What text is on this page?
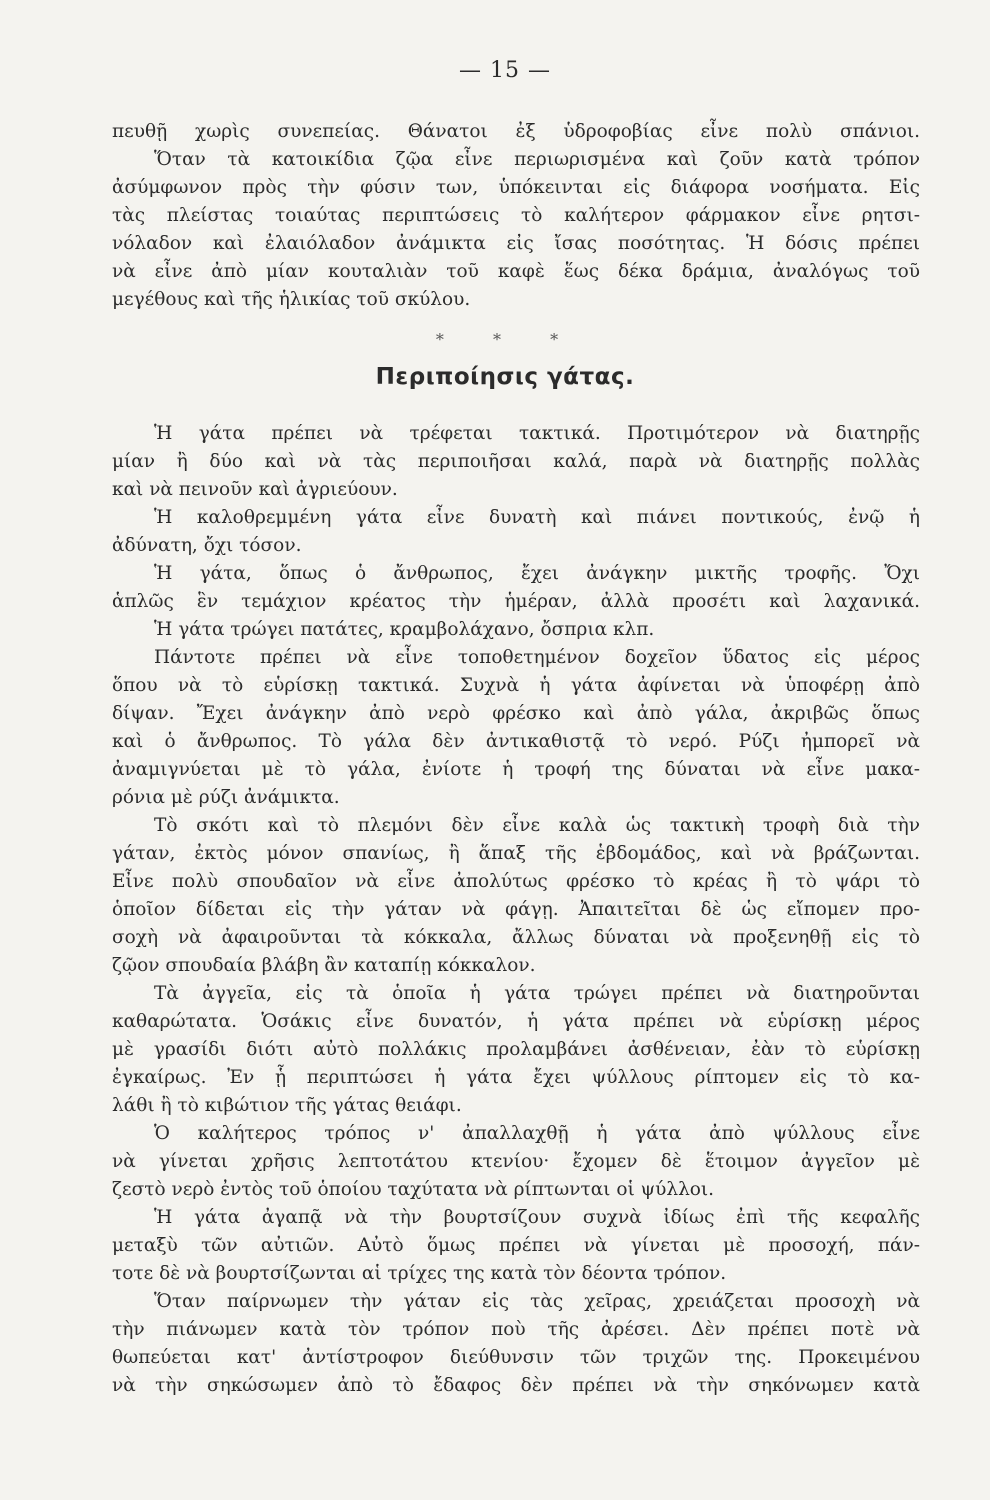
— 15 —
πευθῇ χωρὶς συνεπείας. Θάνατοι ἐξ ὑδροφοβίας εἶνε πολὺ σπάνιοι.
Ὅταν τὰ κατοικίδια ζῷα εἶνε περιωρισμένα καὶ ζοῦν κατὰ τρόπον
ἀσύμφωνον πρὸς τὴν φύσιν των, ὑπόκεινται εἰς διάφορα νοσήματα. Εἰς
τὰς πλείστας τοιαύτας περιπτώσεις τὸ καλήτερον φάρμακον εἶνε ρητσι-
νόλαδον καὶ ἐλαιόλαδον ἀνάμικτα εἰς ἴσας ποσότητας. Ἡ δόσις πρέπει
νὰ εἶνε ἀπὸ μίαν κουταλιὰν τοῦ καφὲ ἕως δέκα δράμια, ἀναλόγως τοῦ
μεγέθους καὶ τῆς ἡλικίας τοῦ σκύλου.
Ἡ γάτα πρέπει νὰ τρέφεται τακτικά. Προτιμότερον νὰ διατηρῇς
μίαν ἢ δύο καὶ νὰ τὰς περιποιῆσαι καλά, παρὰ νὰ διατηρῇς πολλὰς
καὶ νὰ πεινοῦν καὶ ἀγριεύουν.
Ἡ καλοθρεμμένη γάτα εἶνε δυνατὴ καὶ πιάνει ποντικούς, ἐνῷ ἡ
ἀδύνατη, ὄχι τόσον.
Ἡ γάτα, ὅπως ὁ ἄνθρωπος, ἔχει ἀνάγκην μικτῆς τροφῆς. Ὄχι
ἁπλῶς ἓν τεμάχιον κρέατος τὴν ἡμέραν, ἀλλὰ προσέτι καὶ λαχανικά.
Ἡ γάτα τρώγει πατάτες, κραμβολάχανο, ὄσπρια κλπ.
Πάντοτε πρέπει νὰ εἶνε τοποθετημένον δοχεῖον ὕδατος εἰς μέρος
ὅπου νὰ τὸ εὑρίσκῃ τακτικά. Συχνὰ ἡ γάτα ἀφίνεται νὰ ὑποφέρῃ ἀπὸ
δίψαν. Ἔχει ἀνάγκην ἀπὸ νερὸ φρέσκο καὶ ἀπὸ γάλα, ἀκριβῶς ὅπως
καὶ ὁ ἄνθρωπος. Τὸ γάλα δὲν ἀντικαθιστᾷ τὸ νερό. Ρύζι ἠμπορεῖ νὰ
ἀναμιγνύεται μὲ τὸ γάλα, ἐνίοτε ἡ τροφή της δύναται νὰ εἶνε μακα-
ρόνια μὲ ρύζι ἀνάμικτα.
Τὸ σκότι καὶ τὸ πλεμόνι δὲν εἶνε καλὰ ὡς τακτικὴ τροφὴ διὰ τὴν
γάταν, ἐκτὸς μόνον σπανίως, ἢ ἅπαξ τῆς ἑβδομάδος, καὶ νὰ βράζωνται.
Εἶνε πολὺ σπουδαῖον νὰ εἶνε ἀπολύτως φρέσκο τὸ κρέας ἢ τὸ ψάρι τὸ
ὁποῖον δίδεται εἰς τὴν γάταν νὰ φάγῃ. Ἀπαιτεῖται δὲ ὡς εἴπομεν προ-
σοχὴ νὰ ἀφαιροῦνται τὰ κόκκαλα, ἄλλως δύναται νὰ προξενηθῇ εἰς τὸ
ζῷον σπουδαία βλάβη ἂν καταπίῃ κόκκαλον.
Τὰ ἀγγεῖα, εἰς τὰ ὁποῖα ἡ γάτα τρώγει πρέπει νὰ διατηροῦνται
καθαρώτατα. Ὁσάκις εἶνε δυνατόν, ἡ γάτα πρέπει νὰ εὑρίσκῃ μέρος
μὲ γρασίδι διότι αὐτὸ πολλάκις προλαμβάνει ἀσθένειαν, ἐὰν τὸ εὑρίσκῃ
ἐγκαίρως. Ἐν ᾗ περιπτώσει ἡ γάτα ἔχει ψύλλους ρίπτομεν εἰς τὸ κα-
λάθι ἢ τὸ κιβώτιον τῆς γάτας θειάφι.
Ὁ καλήτερος τρόπος ν' ἀπαλλαχθῇ ἡ γάτα ἀπὸ ψύλλους εἶνε
νὰ γίνεται χρῆσις λεπτοτάτου κτενίου· ἔχομεν δὲ ἕτοιμον ἀγγεῖον μὲ
ζεστὸ νερὸ ἐντὸς τοῦ ὁποίου ταχύτατα νὰ ρίπτωνται οἱ ψύλλοι.
Ἡ γάτα ἀγαπᾷ νὰ τὴν βουρτσίζουν συχνὰ ἰδίως ἐπὶ τῆς κεφαλῆς
μεταξὺ τῶν αὐτιῶν. Αὐτὸ ὅμως πρέπει νὰ γίνεται μὲ προσοχή, πάν-
τοτε δὲ νὰ βουρτσίζωνται αἱ τρίχες της κατὰ τὸν δέοντα τρόπον.
Ὅταν παίρνωμεν τὴν γάταν εἰς τὰς χεῖρας, χρειάζεται προσοχὴ νὰ
τὴν πιάνωμεν κατὰ τὸν τρόπον ποὺ τῆς ἀρέσει. Δὲν πρέπει ποτὲ νὰ
θωπεύεται κατ' ἀντίστροφον διεύθυνσιν τῶν τριχῶν της. Προκειμένου
νὰ τὴν σηκώσωμεν ἀπὸ τὸ ἔδαφος δὲν πρέπει νὰ τὴν σηκόνωμεν κατὰ
* * *
Περιποίησις γάτας.
